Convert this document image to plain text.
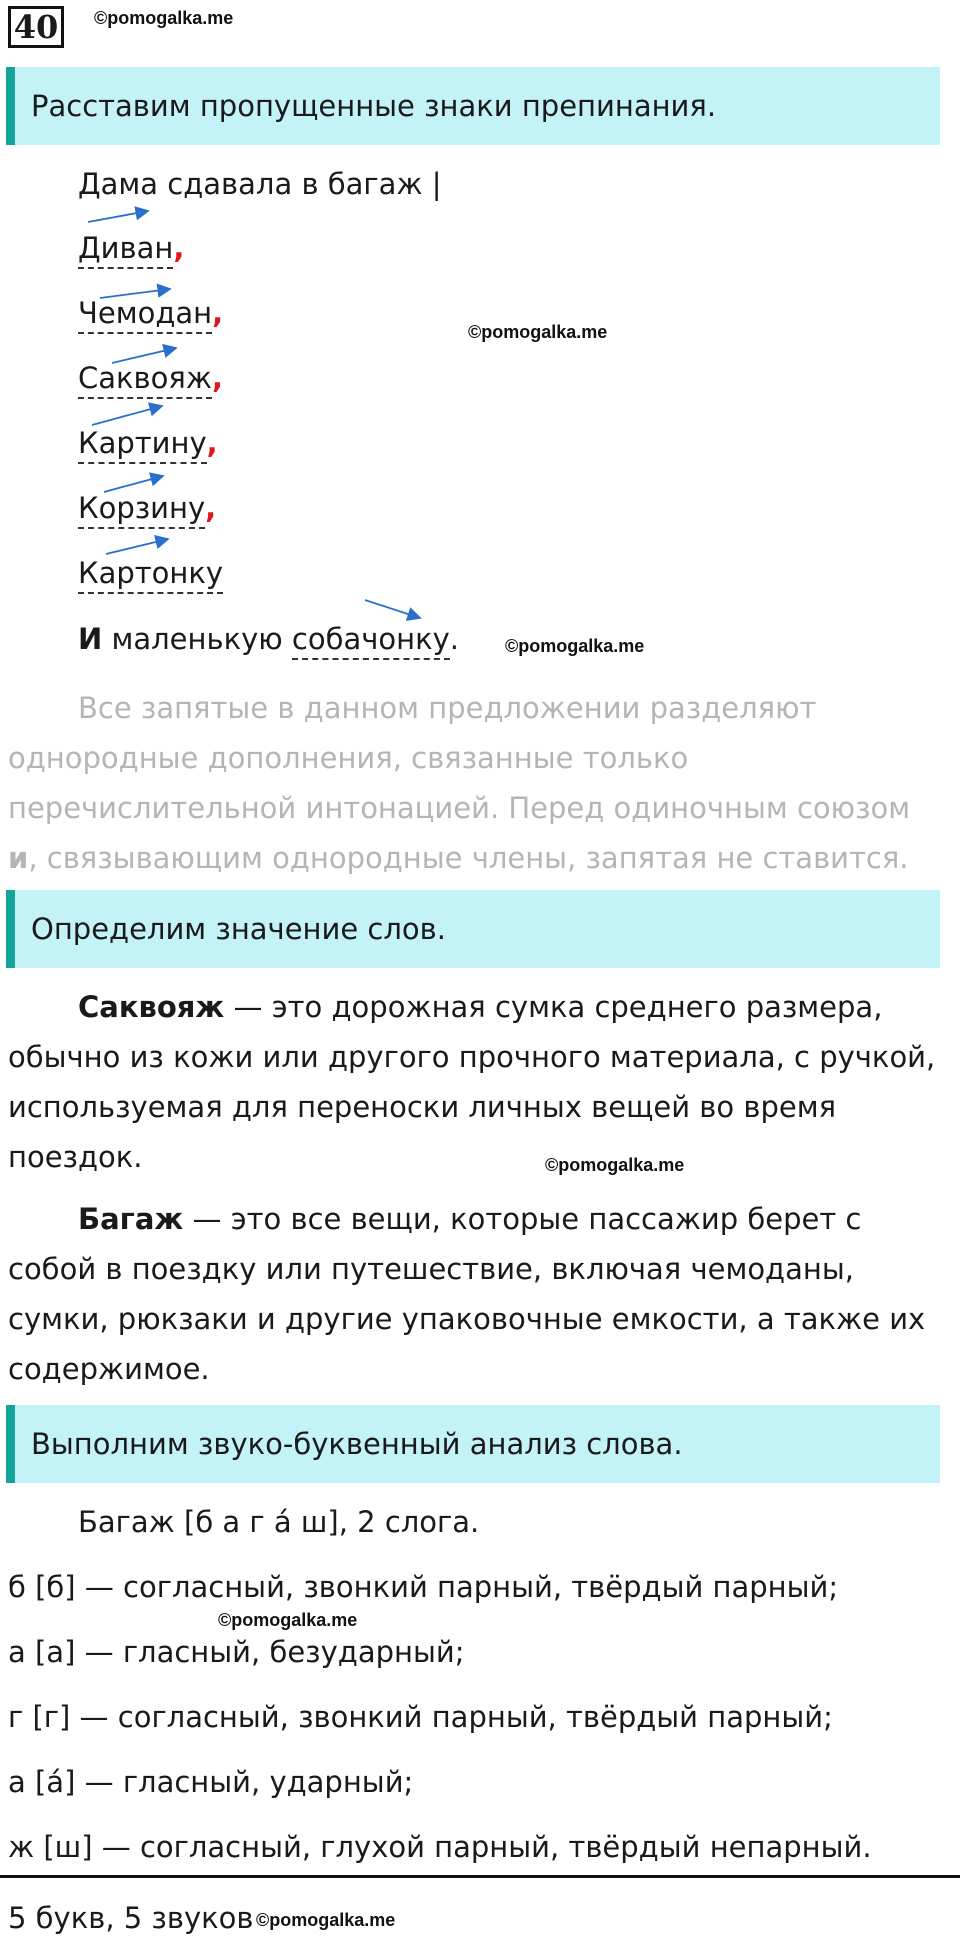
40	©pomogalka.me
Расставим пропущенные знаки препинания.
Дама сдавала в багаж |
Диван,
Чемодан,
Саквояж,
Картину,
Корзину,
Картонку
И маленькую собачонку.
©pomogalka.me
©pomogalka.me
Все запятые в данном предложении разделяют однородные дополнения, связанные только перечислительной интонацией. Перед одиночным союзом и, связывающим однородные члены, запятая не ставится.
Определим значение слов.
Саквояж — это дорожная сумка среднего размера, обычно из кожи или другого прочного материала, с ручкой, используемая для переноски личных вещей во время поездок.	©pomogalka.me
Багаж — это все вещи, которые пассажир берет с собой в поездку или путешествие, включая чемоданы, сумки, рюкзаки и другие упаковочные емкости, а также их содержимое.
Выполним звуко-буквенный анализ слова.
Багаж [б а г а́ ш], 2 слога.
б [б] — согласный, звонкий парный, твёрдый парный;
©pomogalka.me
а [а] — гласный, безударный;
г [г] — согласный, звонкий парный, твёрдый парный;
а [а́] — гласный, ударный;
ж [ш] — согласный, глухой парный, твёрдый непарный.
5 букв, 5 звуков ©pomogalka.me
